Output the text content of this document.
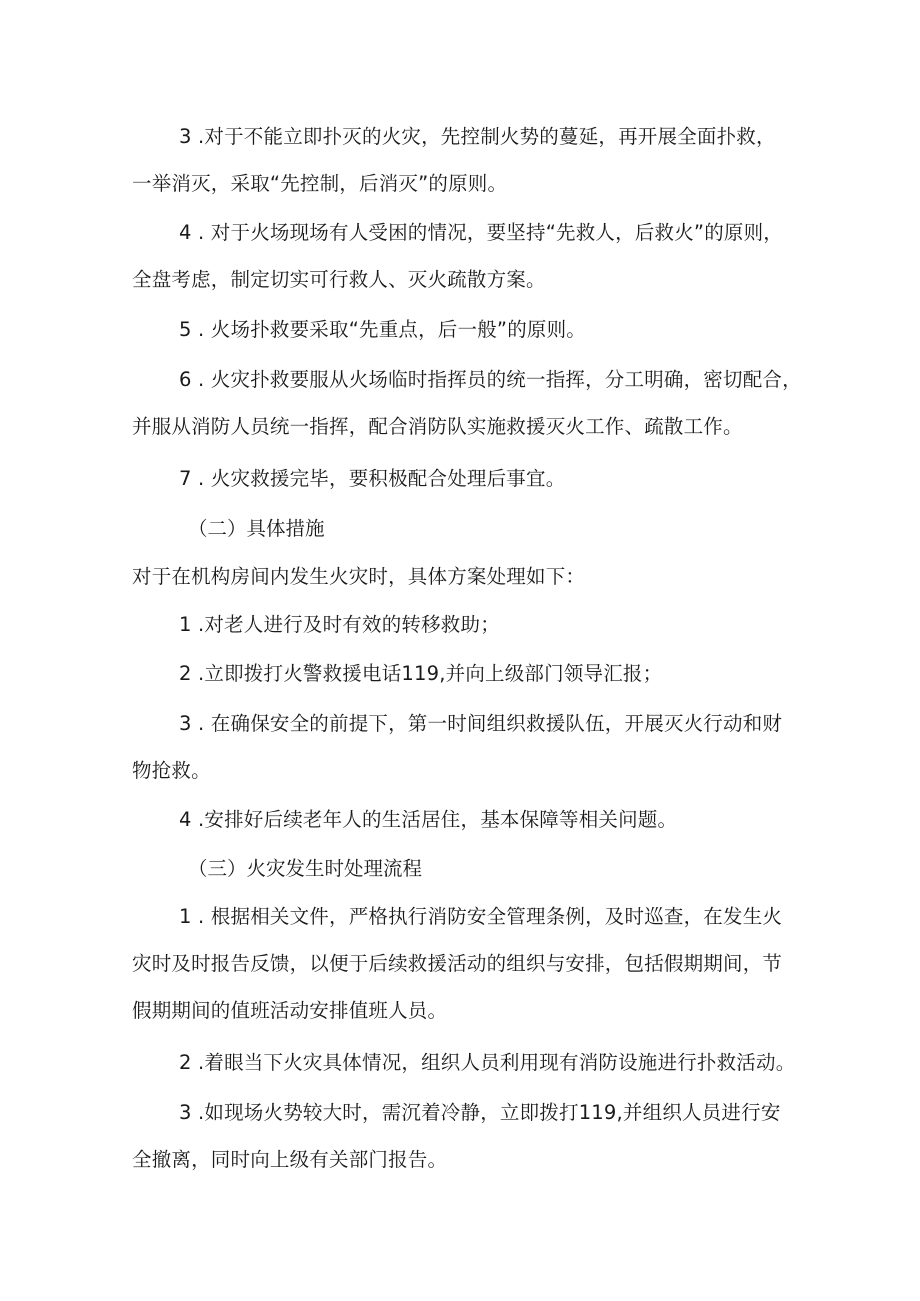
3 .对于不能立即扑灭的火灾，先控制火势的蔓延，再开展全面扑救，
一举消灭，采取“先控制，后消灭”的原则。

4 . 对于火场现场有人受困的情况，要坚持“先救人，后救火”的原则，
全盘考虑，制定切实可行救人、灭火疏散方案。

5 . 火场扑救要采取“先重点，后一般”的原则。

6 . 火灾扑救要服从火场临时指挥员的统一指挥，分工明确，密切配合，
并服从消防人员统一指挥，配合消防队实施救援灭火工作、疏散工作。

7 . 火灾救援完毕，要积极配合处理后事宜。

（二）具体措施

对于在机构房间内发生火灾时，具体方案处理如下：

1 .对老人进行及时有效的转移救助；

2 .立即拨打火警救援电话119,并向上级部门领导汇报；

3 . 在确保安全的前提下，第一时间组织救援队伍，开展灭火行动和财
物抢救。

4 .安排好后续老年人的生活居住，基本保障等相关问题。

（三）火灾发生时处理流程

1 . 根据相关文件，严格执行消防安全管理条例，及时巡查，在发生火
灾时及时报告反馈，以便于后续救援活动的组织与安排，包括假期期间，节
假期期间的值班活动安排值班人员。

2 .着眼当下火灾具体情况，组织人员利用现有消防设施进行扑救活动。

3 .如现场火势较大时，需沉着冷静，立即拨打119,并组织人员进行安
全撤离，同时向上级有关部门报告。
